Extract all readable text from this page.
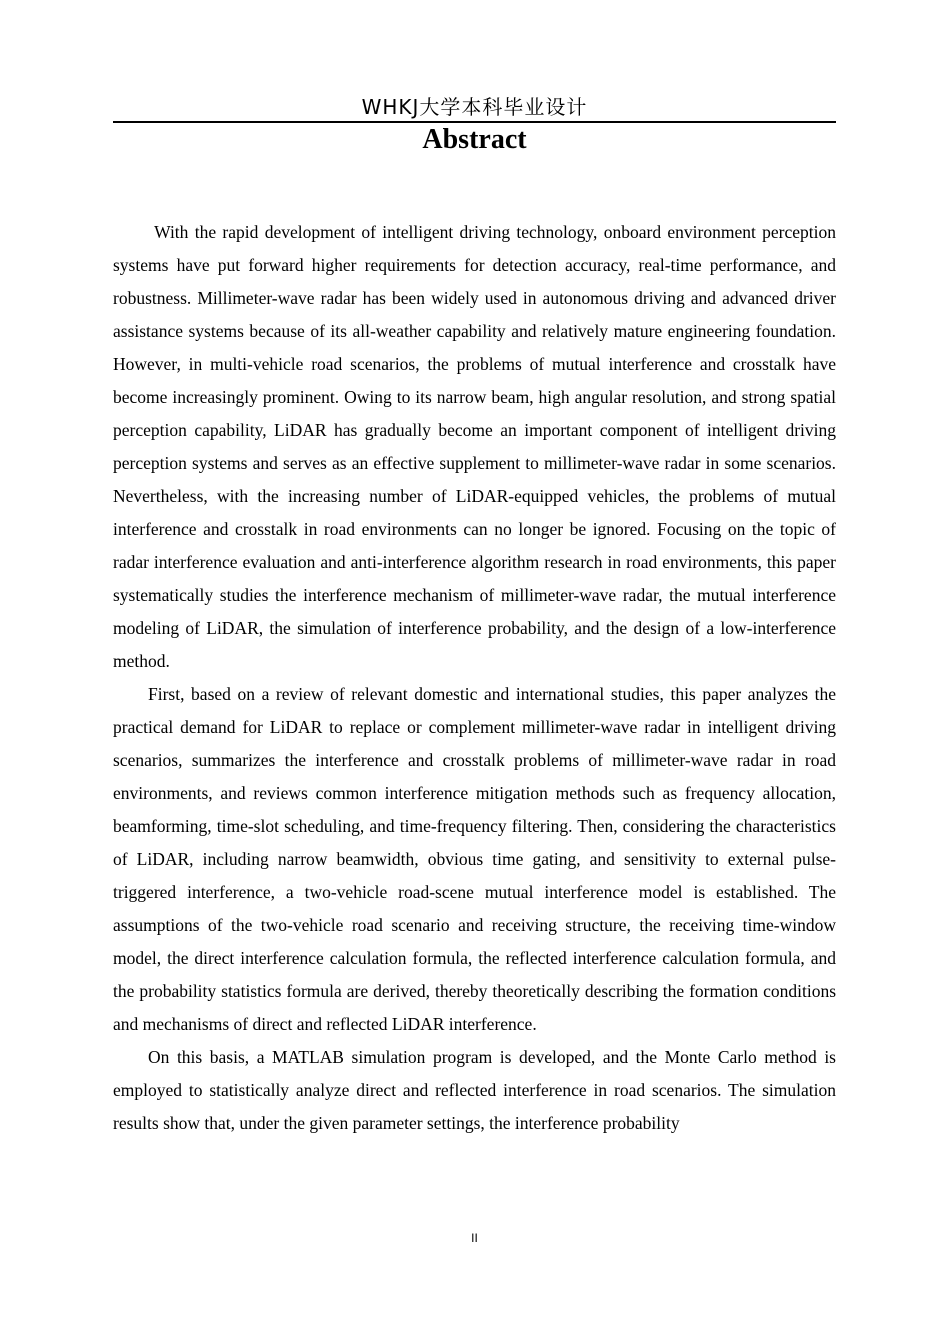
WHKJ大学本科毕业设计
Abstract

With the rapid development of intelligent driving technology, onboard environment perception systems have put forward higher requirements for detection accuracy, real-time performance, and robustness. Millimeter-wave radar has been widely used in autonomous driving and advanced driver assistance systems because of its all-weather capability and relatively mature engineering foundation. However, in multi-vehicle road scenarios, the problems of mutual interference and crosstalk have become increasingly prominent. Owing to its narrow beam, high angular resolution, and strong spatial perception capability, LiDAR has gradually become an important component of intelligent driving perception systems and serves as an effective supplement to millimeter-wave radar in some scenarios. Nevertheless, with the increasing number of LiDAR-equipped vehicles, the problems of mutual interference and crosstalk in road environments can no longer be ignored. Focusing on the topic of radar interference evaluation and anti-interference algorithm research in road environments, this paper systematically studies the interference mechanism of millimeter-wave radar, the mutual interference modeling of LiDAR, the simulation of interference probability, and the design of a low-interference method.

First, based on a review of relevant domestic and international studies, this paper analyzes the practical demand for LiDAR to replace or complement millimeter-wave radar in intelligent driving scenarios, summarizes the interference and crosstalk problems of millimeter-wave radar in road environments, and reviews common interference mitigation methods such as frequency allocation, beamforming, time-slot scheduling, and time-frequency filtering. Then, considering the characteristics of LiDAR, including narrow beamwidth, obvious time gating, and sensitivity to external pulse-triggered interference, a two-vehicle road-scene mutual interference model is established. The assumptions of the two-vehicle road scenario and receiving structure, the receiving time-window model, the direct interference calculation formula, the reflected interference calculation formula, and the probability statistics formula are derived, thereby theoretically describing the formation conditions and mechanisms of direct and reflected LiDAR interference.

On this basis, a MATLAB simulation program is developed, and the Monte Carlo method is employed to statistically analyze direct and reflected interference in road scenarios. The simulation results show that, under the given parameter settings, the interference probability

II
